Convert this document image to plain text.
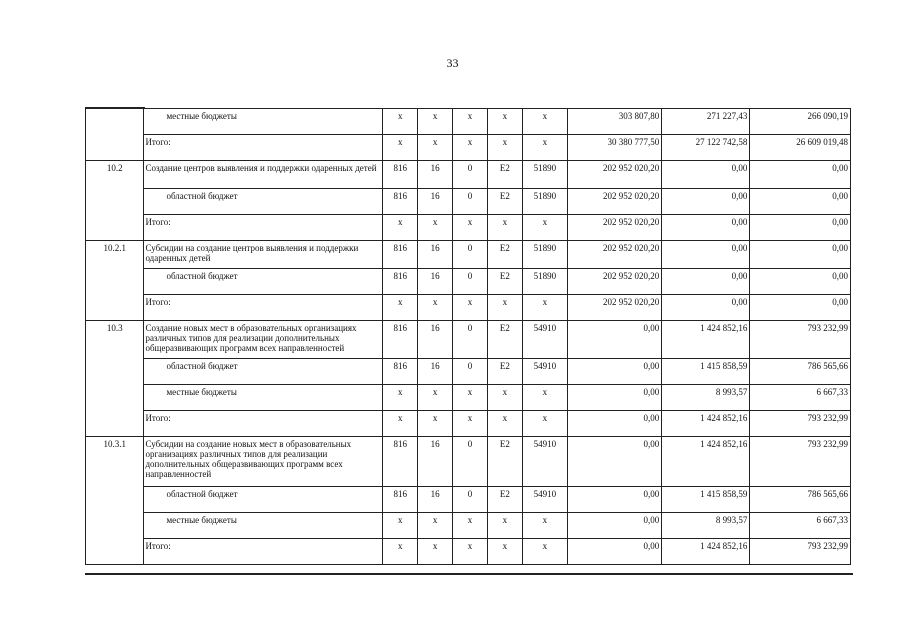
33
	местные бюджеты	х	х	х	х	х	303 807,80	271 227,43	266 090,19
	Итого:	х	х	х	х	х	30 380 777,50	27 122 742,58	26 609 019,48
10.2	Создание центров выявления и поддержки одаренных детей	816	16	0	E2	51890	202 952 020,20	0,00	0,00
	областной бюджет	816	16	0	E2	51890	202 952 020,20	0,00	0,00
	Итого:	х	х	х	х	х	202 952 020,20	0,00	0,00
10.2.1	Субсидии на создание центров выявления и поддержки одаренных детей	816	16	0	E2	51890	202 952 020,20	0,00	0,00
	областной бюджет	816	16	0	E2	51890	202 952 020,20	0,00	0,00
	Итого:	х	х	х	х	х	202 952 020,20	0,00	0,00
10.3	Создание новых мест в образовательных организациях различных типов для реализации дополнительных общеразвивающих программ всех направленностей	816	16	0	E2	54910	0,00	1 424 852,16	793 232,99
	областной бюджет	816	16	0	E2	54910	0,00	1 415 858,59	786 565,66
	местные бюджеты	х	х	х	х	х	0,00	8 993,57	6 667,33
	Итого:	х	х	х	х	х	0,00	1 424 852,16	793 232,99
10.3.1	Субсидии на создание новых мест в образовательных организациях различных типов для реализации дополнительных общеразвивающих программ всех направленностей	816	16	0	E2	54910	0,00	1 424 852,16	793 232,99
	областной бюджет	816	16	0	E2	54910	0,00	1 415 858,59	786 565,66
	местные бюджеты	х	х	х	х	х	0,00	8 993,57	6 667,33
	Итого:	х	х	х	х	х	0,00	1 424 852,16	793 232,99
